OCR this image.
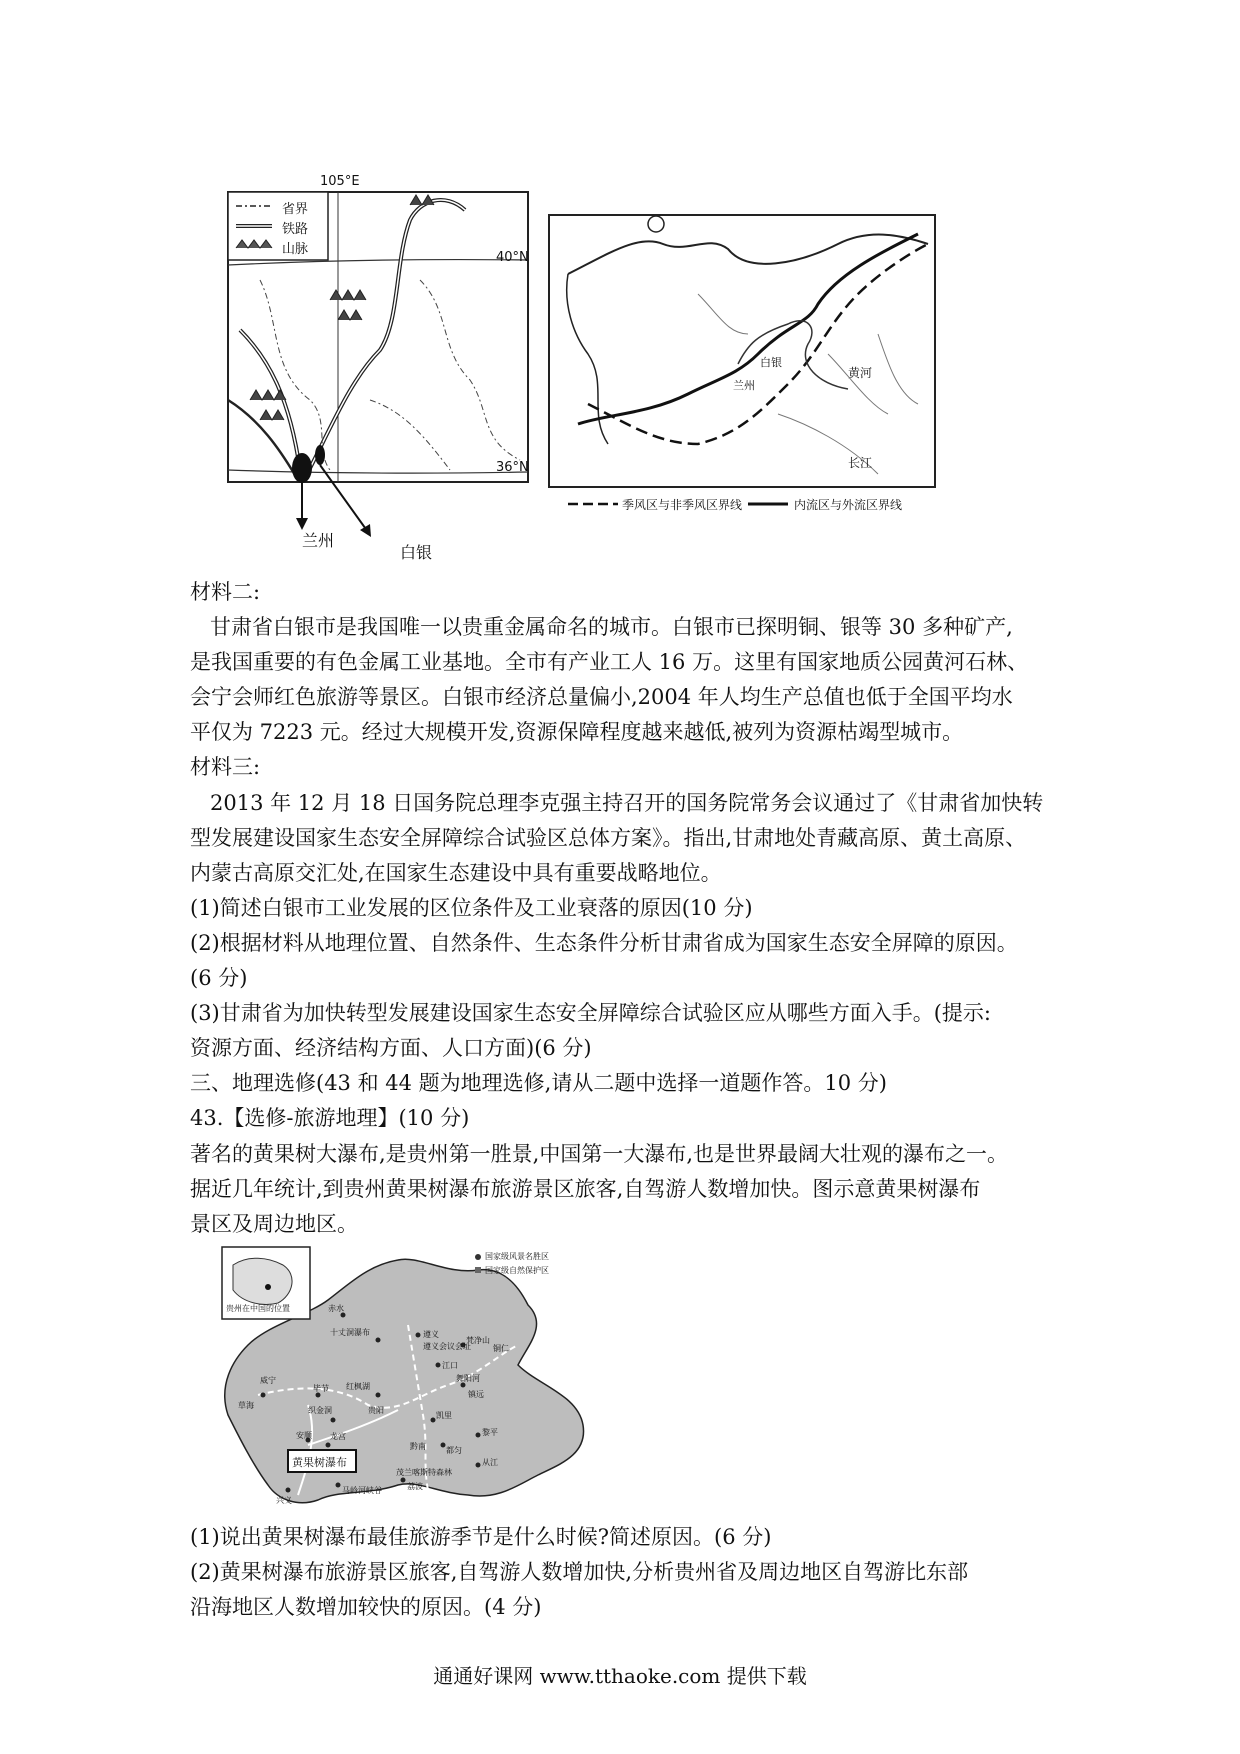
105°E
40°N
36°N
省界
铁路
山脉
兰州
白银
白银
兰州
黄河
长江
季风区与非季风区界线	内流区与外流区界线
材料二:
甘肃省白银市是我国唯一以贵重金属命名的城市。白银市已探明铜、银等 30 多种矿产,
是我国重要的有色金属工业基地。全市有产业工人 16 万。这里有国家地质公园黄河石林、
会宁会师红色旅游等景区。白银市经济总量偏小,2004 年人均生产总值也低于全国平均水
平仅为 7223 元。经过大规模开发,资源保障程度越来越低,被列为资源枯竭型城市。
材料三:
2013 年 12 月 18 日国务院总理李克强主持召开的国务院常务会议通过了《甘肃省加快转
型发展建设国家生态安全屏障综合试验区总体方案》。指出,甘肃地处青藏高原、黄土高原、
内蒙古高原交汇处,在国家生态建设中具有重要战略地位。
(1)简述白银市工业发展的区位条件及工业衰落的原因(10 分)
(2)根据材料从地理位置、自然条件、生态条件分析甘肃省成为国家生态安全屏障的原因。
(6 分)
(3)甘肃省为加快转型发展建设国家生态安全屏障综合试验区应从哪些方面入手。(提示:
资源方面、经济结构方面、人口方面)(6 分)
三、地理选修(43 和 44 题为地理选修,请从二题中选择一道题作答。10 分)
43.【选修-旅游地理】(10 分)
著名的黄果树大瀑布,是贵州第一胜景,中国第一大瀑布,也是世界最阔大壮观的瀑布之一。
据近几年统计,到贵州黄果树瀑布旅游景区旅客,自驾游人数增加快。图示意黄果树瀑布
景区及周边地区。
贵州在中国的位置
国家级风景名胜区
国家级自然保护区
黄果树瀑布
赤水
十丈洞瀑布	遵义
遵义会议会址
梵净山
铜仁
江口
舞阳河
镇远
凯里
黎平
从江
荔波
茂兰喀斯特森林
威宁
草海
毕节
织金洞
红枫湖
贵阳
安顺 龙宫
兴义
马岭河峡谷
黔南	都匀
(1)说出黄果树瀑布最佳旅游季节是什么时候?简述原因。(6 分)
(2)黄果树瀑布旅游景区旅客,自驾游人数增加快,分析贵州省及周边地区自驾游比东部
沿海地区人数增加较快的原因。(4 分)
通通好课网 www.tthaoke.com 提供下载
